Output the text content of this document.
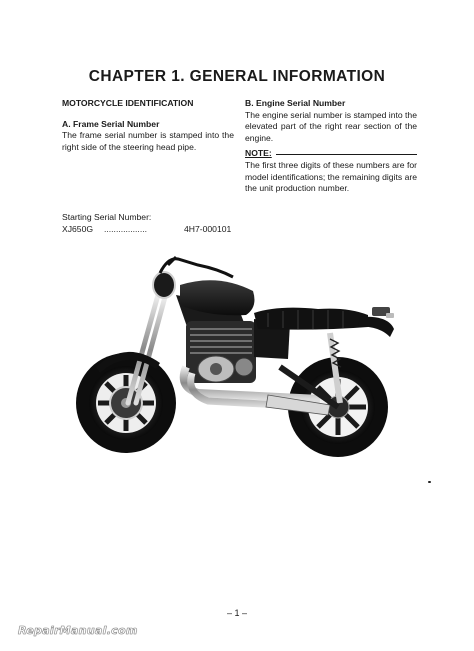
CHAPTER 1. GENERAL INFORMATION
MOTORCYCLE IDENTIFICATION
A. Frame Serial Number
The frame serial number is stamped into the right side of the steering head pipe.
B. Engine Serial Number
The engine serial number is stamped into the elevated part of the right rear section of the engine.
NOTE:
The first three digits of these numbers are for model identifications; the remaining digits are the unit production number.
Starting Serial Number:
XJ650G	..................	4H7-000101
– 1 –
RepairManual.com
